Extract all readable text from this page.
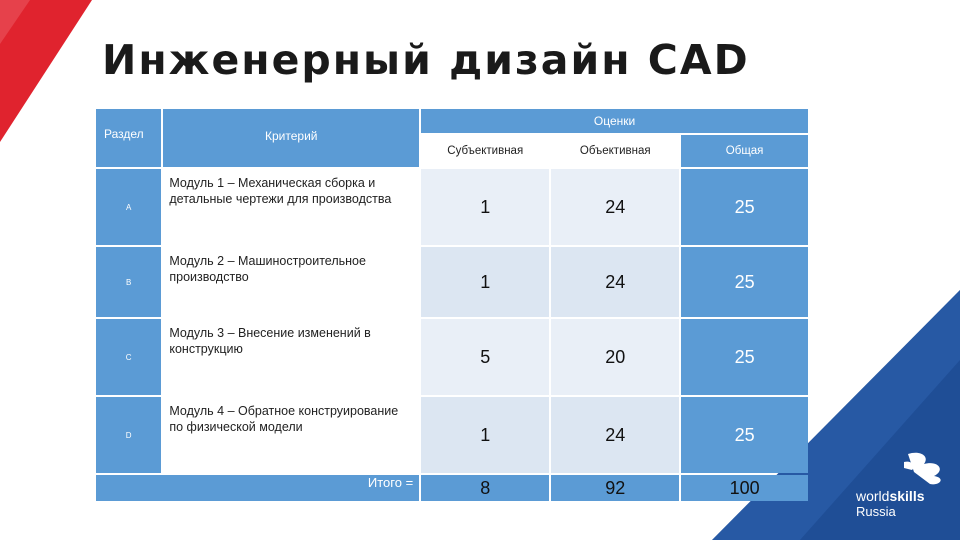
Инженерный дизайн CAD
Раздел	Критерий	Оценки		
		Субъективная	Объективная	Общая
A	Модуль 1 – Механическая сборка и детальные чертежи для производства	1	24	25
B	Модуль 2 – Машиностроительное производство	1	24	25
C	Модуль 3 – Внесение изменений в конструкцию	5	20	25
D	Модуль 4 – Обратное конструирование по физической модели	1	24	25
Итого =		8	92	100	worldskills
Russia
